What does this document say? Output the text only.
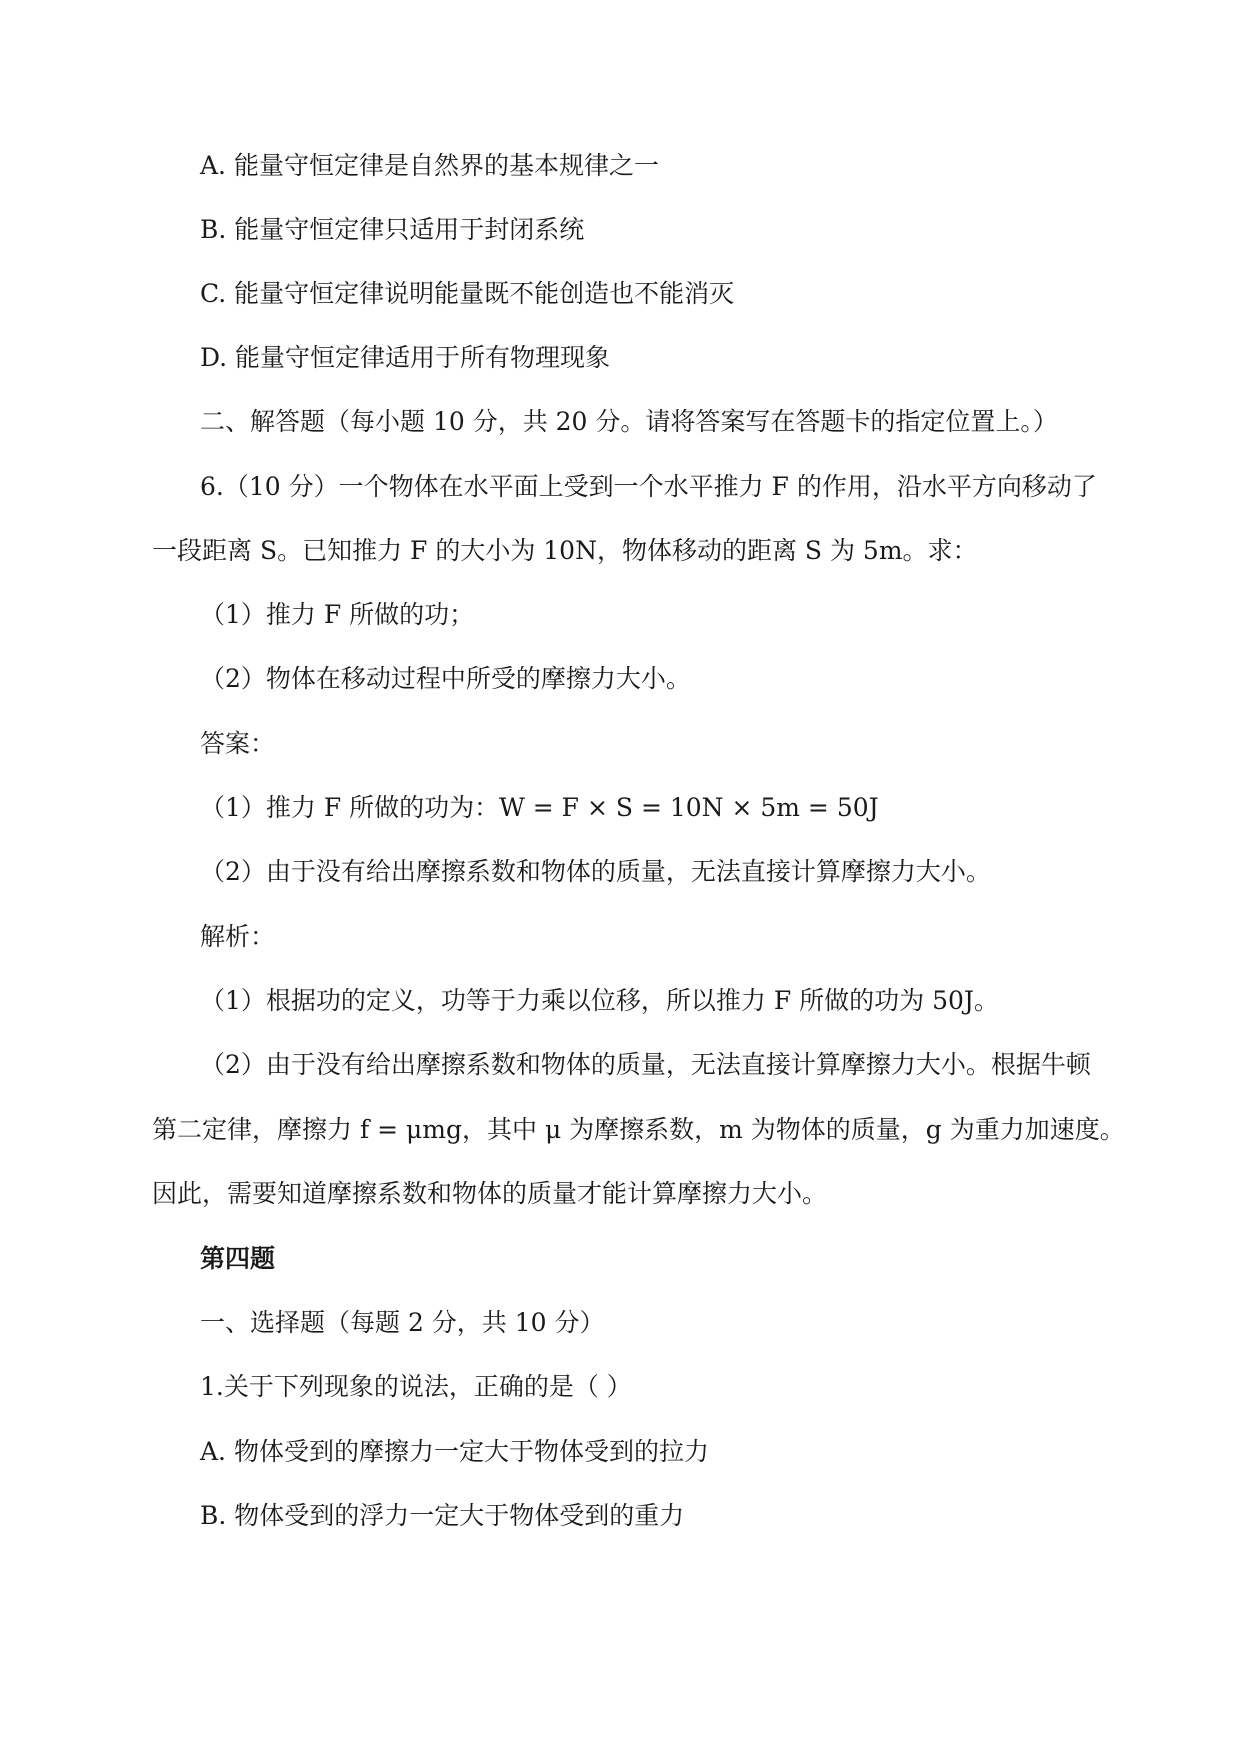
A. 能量守恒定律是自然界的基本规律之一
B. 能量守恒定律只适用于封闭系统
C. 能量守恒定律说明能量既不能创造也不能消灭
D. 能量守恒定律适用于所有物理现象
二、解答题（每小题 10 分，共 20 分。请将答案写在答题卡的指定位置上。）
6.（10 分）一个物体在水平面上受到一个水平推力 F 的作用，沿水平方向移动了
一段距离 S。已知推力 F 的大小为 10N，物体移动的距离 S 为 5m。求：
（1）推力 F 所做的功；
（2）物体在移动过程中所受的摩擦力大小。
答案：
（1）推力 F 所做的功为：W = F × S = 10N × 5m = 50J
（2）由于没有给出摩擦系数和物体的质量，无法直接计算摩擦力大小。
解析：
（1）根据功的定义，功等于力乘以位移，所以推力 F 所做的功为 50J。
（2）由于没有给出摩擦系数和物体的质量，无法直接计算摩擦力大小。根据牛顿
第二定律，摩擦力 f = μmg，其中 μ 为摩擦系数，m 为物体的质量，g 为重力加速度。
因此，需要知道摩擦系数和物体的质量才能计算摩擦力大小。
第四题
一、选择题（每题 2 分，共 10 分）
1.关于下列现象的说法，正确的是（ ）
A. 物体受到的摩擦力一定大于物体受到的拉力
B. 物体受到的浮力一定大于物体受到的重力
